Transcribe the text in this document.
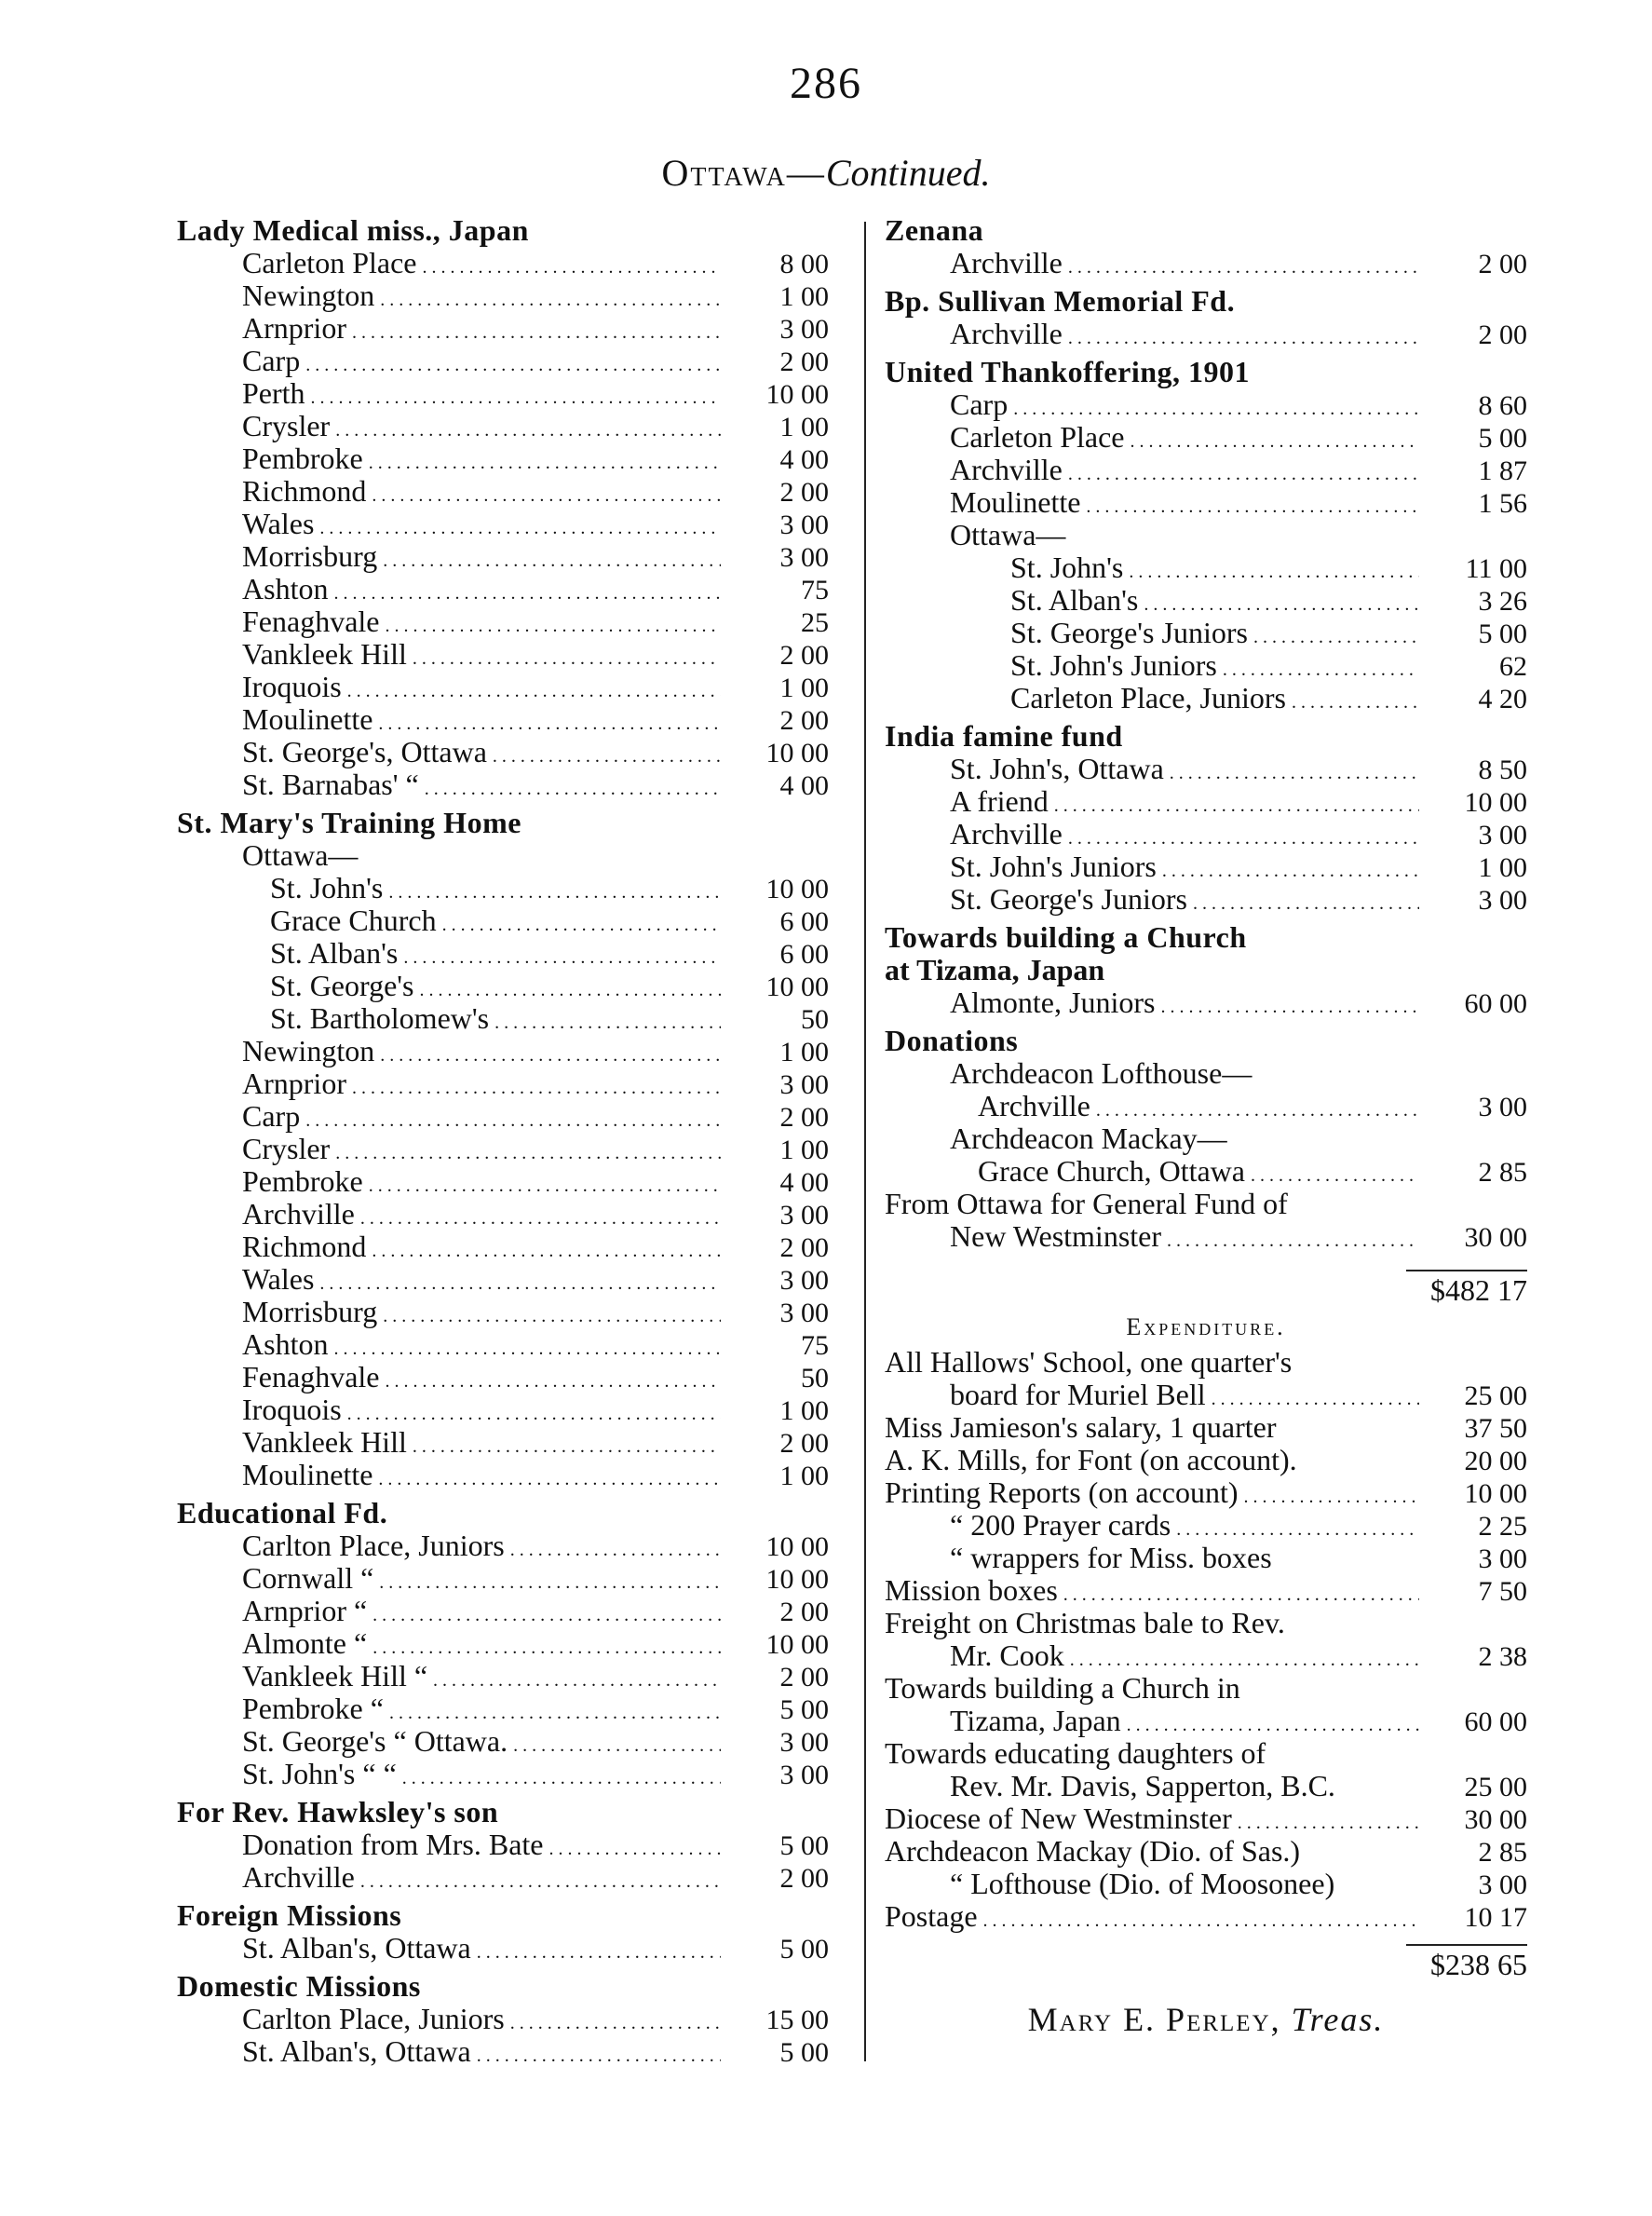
286
Ottawa—Continued.
Lady Medical miss., Japan
Carleton Place . . .	8 00
Newington . . .	1 00
Arnprior . . .	3 00
Carp . . .	2 00
Perth . . .	10 00
Crysler . . .	1 00
Pembroke . . .	4 00
Richmond . . .	2 00
Wales . . .	3 00
Morrisburg . . .	3 00
Ashton . . .	75
Fenaghvale . . .	25
Vankleek Hill . . .	2 00
Iroquois . . .	1 00
Moulinette . . .	2 00
St. George's, Ottawa . . .	10 00
St. Barnabas' “ . . .	4 00
St. Mary's Training Home
Ottawa—
St. John's . . .	10 00
Grace Church . . .	6 00
St. Alban's . . .	6 00
St. George's . . .	10 00
St. Bartholomew's . . .	50
Newington . . .	1 00
Arnprior . . .	3 00
Carp . . .	2 00
Crysler . . .	1 00
Pembroke . . .	4 00
Archville . . .	3 00
Richmond . . .	2 00
Wales . . .	3 00
Morrisburg . . .	3 00
Ashton . . .	75
Fenaghvale . . .	50
Iroquois . . .	1 00
Vankleek Hill . . .	2 00
Moulinette . . .	1 00
Educational Fd.
Carlton Place, Juniors . . .	10 00
Cornwall “ . . .	10 00
Arnprior “ . . .	2 00
Almonte “ . . .	10 00
Vankleek Hill “ . . .	2 00
Pembroke “ . . .	5 00
St. George's “ Ottawa. . . .	3 00
St. John's “ “ . . .	3 00
For Rev. Hawksley's son
Donation from Mrs. Bate . . .	5 00
Archville . . .	2 00
Foreign Missions
St. Alban's, Ottawa . . .	5 00
Domestic Missions
Carlton Place, Juniors . . .	15 00
St. Alban's, Ottawa . . .	5 00
Zenana
Archville . . .	2 00
Bp. Sullivan Memorial Fd.
Archville . . .	2 00
United Thankoffering, 1901
Carp . . .	8 60
Carleton Place . . .	5 00
Archville . . .	1 87
Moulinette . . .	1 56
Ottawa—
St. John's . . .	11 00
St. Alban's . . .	3 26
St. George's Juniors . . .	5 00
St. John's Juniors . . .	62
Carleton Place, Juniors . . .	4 20
India famine fund
St. John's, Ottawa . . .	8 50
A friend . . .	10 00
Archville . . .	3 00
St. John's Juniors . . .	1 00
St. George's Juniors . . .	3 00
Towards building a Church
at Tizama, Japan
Almonte, Juniors . . .	60 00
Donations
Archdeacon Lofthouse—
Archville . . .	3 00
Archdeacon Mackay—
Grace Church, Ottawa . . .	2 85
From Ottawa for General Fund of
New Westminster . . .	30 00
$482 17
Expenditure.
All Hallows' School, one quarter's
board for Muriel Bell . . .	25 00
Miss Jamieson's salary, 1 quarter	37 50
A. K. Mills, for Font (on account).	20 00
Printing Reports (on account) . . .	10 00
“ 200 Prayer cards . . .	2 25
“ wrappers for Miss. boxes	3 00
Mission boxes . . .	7 50
Freight on Christmas bale to Rev.
Mr. Cook . . .	2 38
Towards building a Church in
Tizama, Japan . . .	60 00
Towards educating daughters of
Rev. Mr. Davis, Sapperton, B.C.	25 00
Diocese of New Westminster . . .	30 00
Archdeacon Mackay (Dio. of Sas.)	2 85
“ Lofthouse (Dio. of Moosonee)	3 00
Postage . . .	10 17
$238 65
Mary E. Perley, Treas.
